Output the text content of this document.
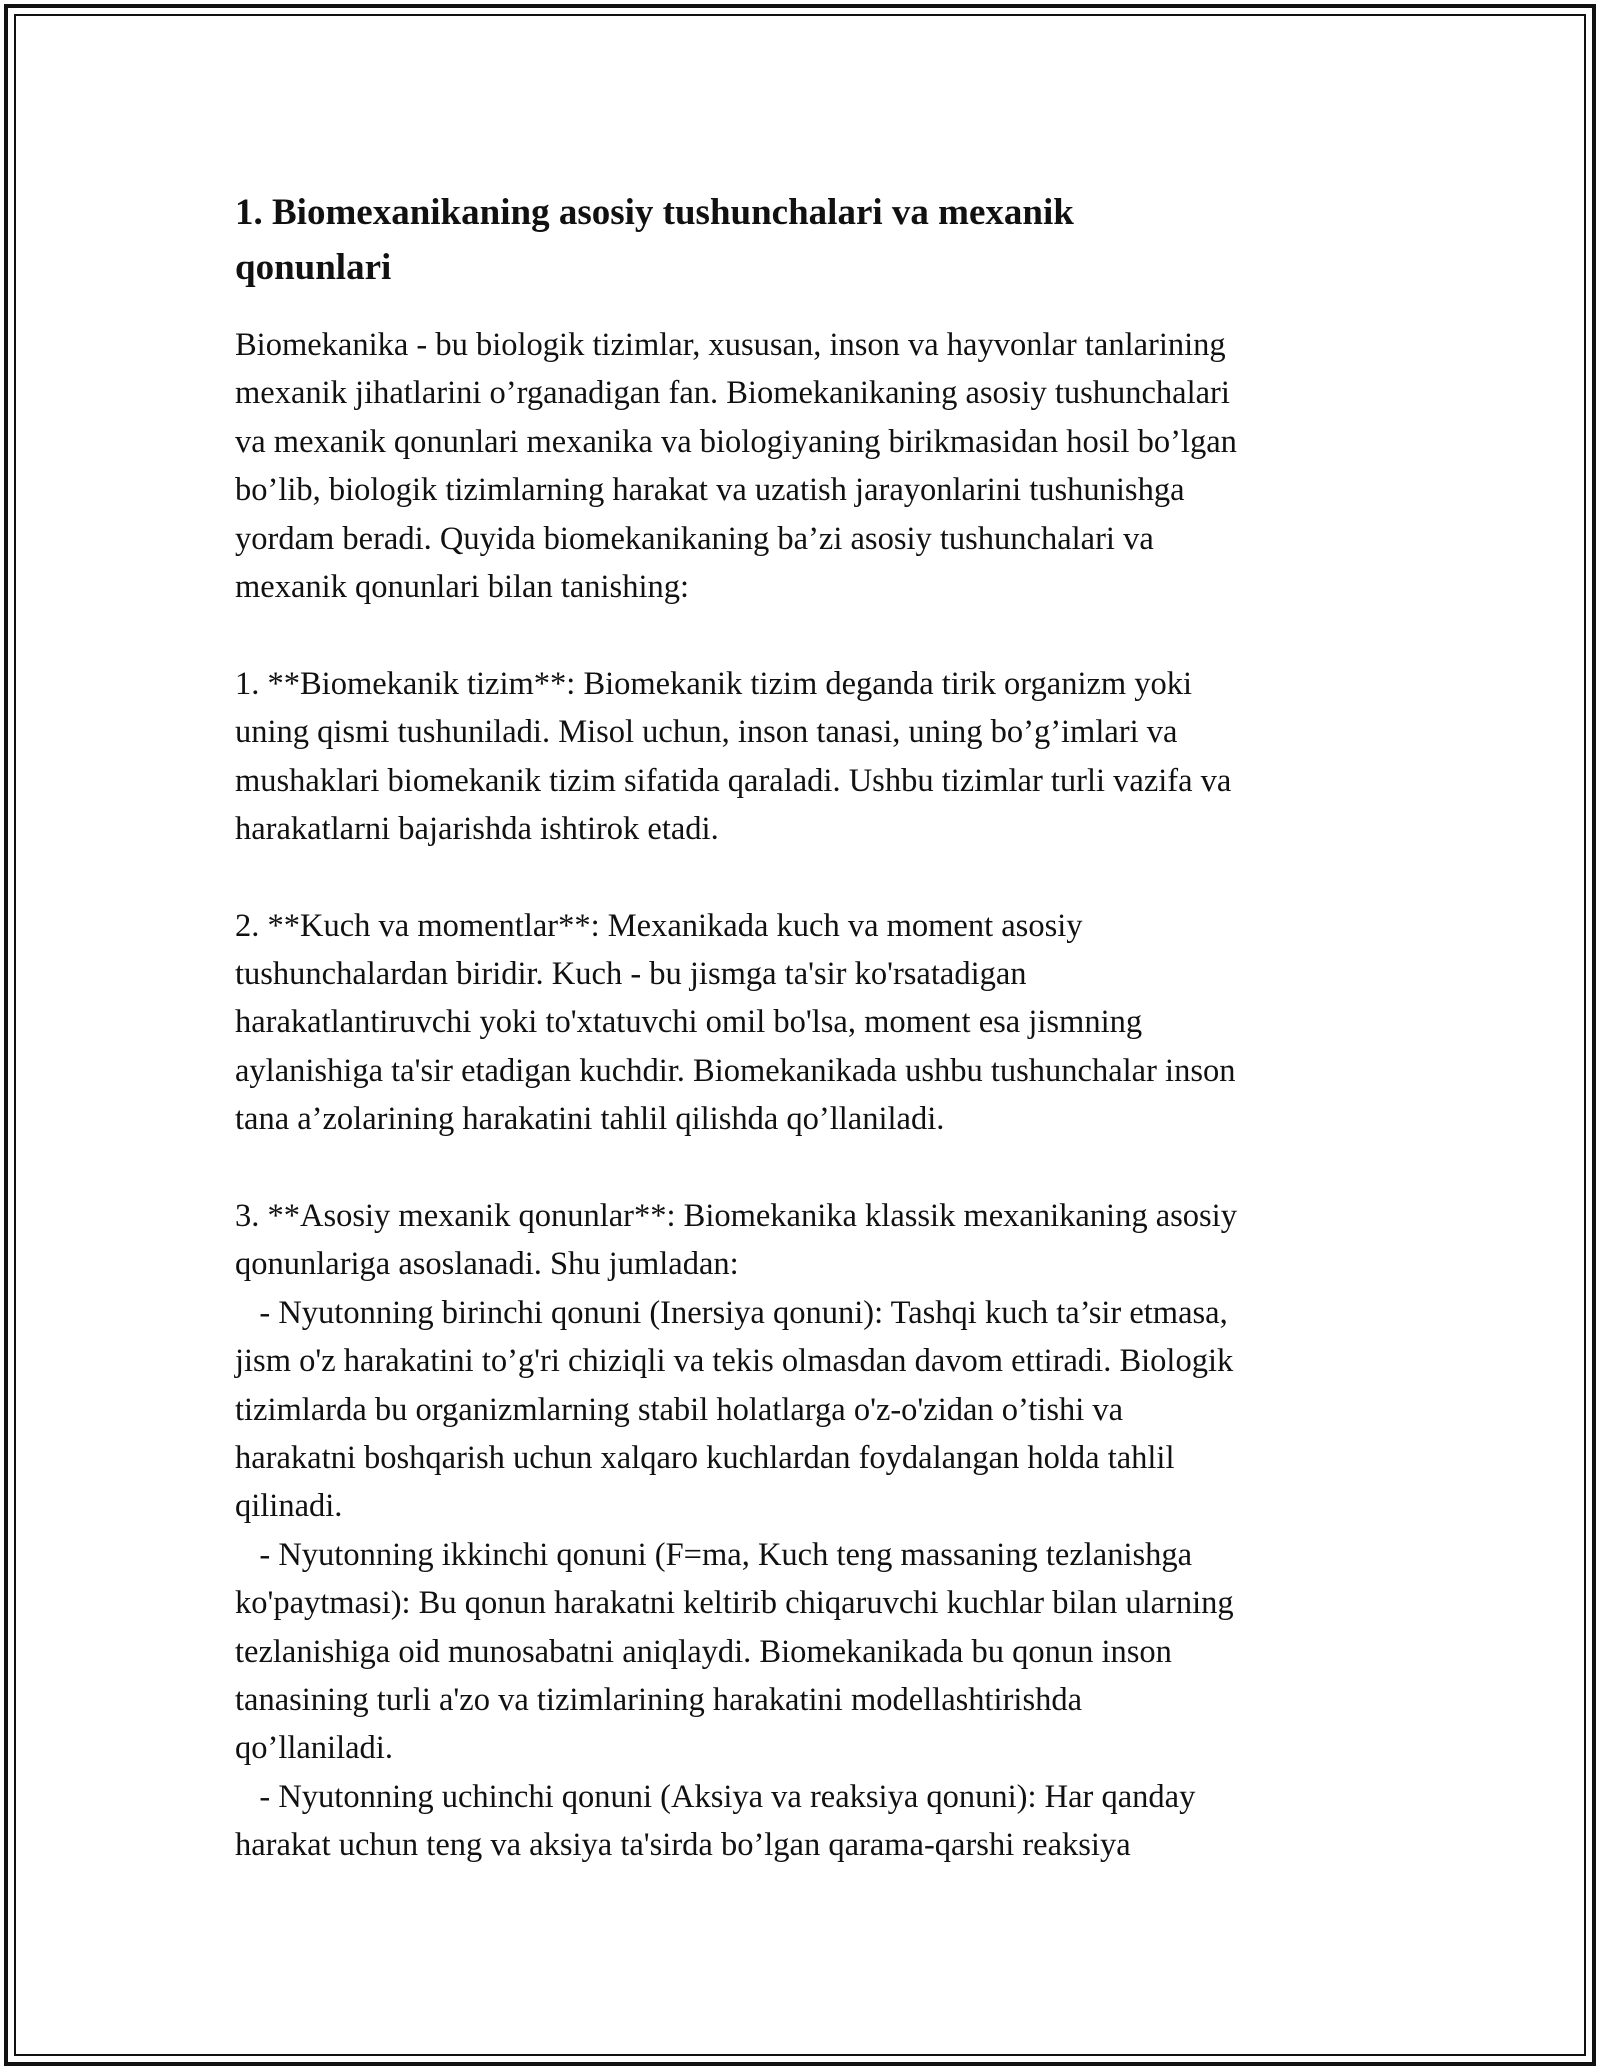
1. Biomexanikaning asosiy tushunchalari va mexanik
qonunlari
Biomekanika - bu biologik tizimlar, xususan, inson va hayvonlar tanlarining
mexanik jihatlarini o’rganadigan fan. Biomekanikaning asosiy tushunchalari
va mexanik qonunlari mexanika va biologiyaning birikmasidan hosil bo’lgan
bo’lib, biologik tizimlarning harakat va uzatish jarayonlarini tushunishga
yordam beradi. Quyida biomekanikaning ba’zi asosiy tushunchalari va
mexanik qonunlari bilan tanishing:
1. **Biomekanik tizim**: Biomekanik tizim deganda tirik organizm yoki
uning qismi tushuniladi. Misol uchun, inson tanasi, uning bo’g’imlari va
mushaklari biomekanik tizim sifatida qaraladi. Ushbu tizimlar turli vazifa va
harakatlarni bajarishda ishtirok etadi.
2. **Kuch va momentlar**: Mexanikada kuch va moment asosiy
tushunchalardan biridir. Kuch - bu jismga ta'sir ko'rsatadigan
harakatlantiruvchi yoki to'xtatuvchi omil bo'lsa, moment esa jismning
aylanishiga ta'sir etadigan kuchdir. Biomekanikada ushbu tushunchalar inson
tana a’zolarining harakatini tahlil qilishda qo’llaniladi.
3. **Asosiy mexanik qonunlar**: Biomekanika klassik mexanikaning asosiy
qonunlariga asoslanadi. Shu jumladan:
- Nyutonning birinchi qonuni (Inersiya qonuni): Tashqi kuch ta’sir etmasa,
jism o'z harakatini to’g'ri chiziqli va tekis olmasdan davom ettiradi. Biologik
tizimlarda bu organizmlarning stabil holatlarga o'z-o'zidan o’tishi va
harakatni boshqarish uchun xalqaro kuchlardan foydalangan holda tahlil
qilinadi.
- Nyutonning ikkinchi qonuni (F=ma, Kuch teng massaning tezlanishga
ko'paytmasi): Bu qonun harakatni keltirib chiqaruvchi kuchlar bilan ularning
tezlanishiga oid munosabatni aniqlaydi. Biomekanikada bu qonun inson
tanasining turli a'zo va tizimlarining harakatini modellashtirishda
qo’llaniladi.
- Nyutonning uchinchi qonuni (Aksiya va reaksiya qonuni): Har qanday
harakat uchun teng va aksiya ta'sirda bo’lgan qarama-qarshi reaksiya
